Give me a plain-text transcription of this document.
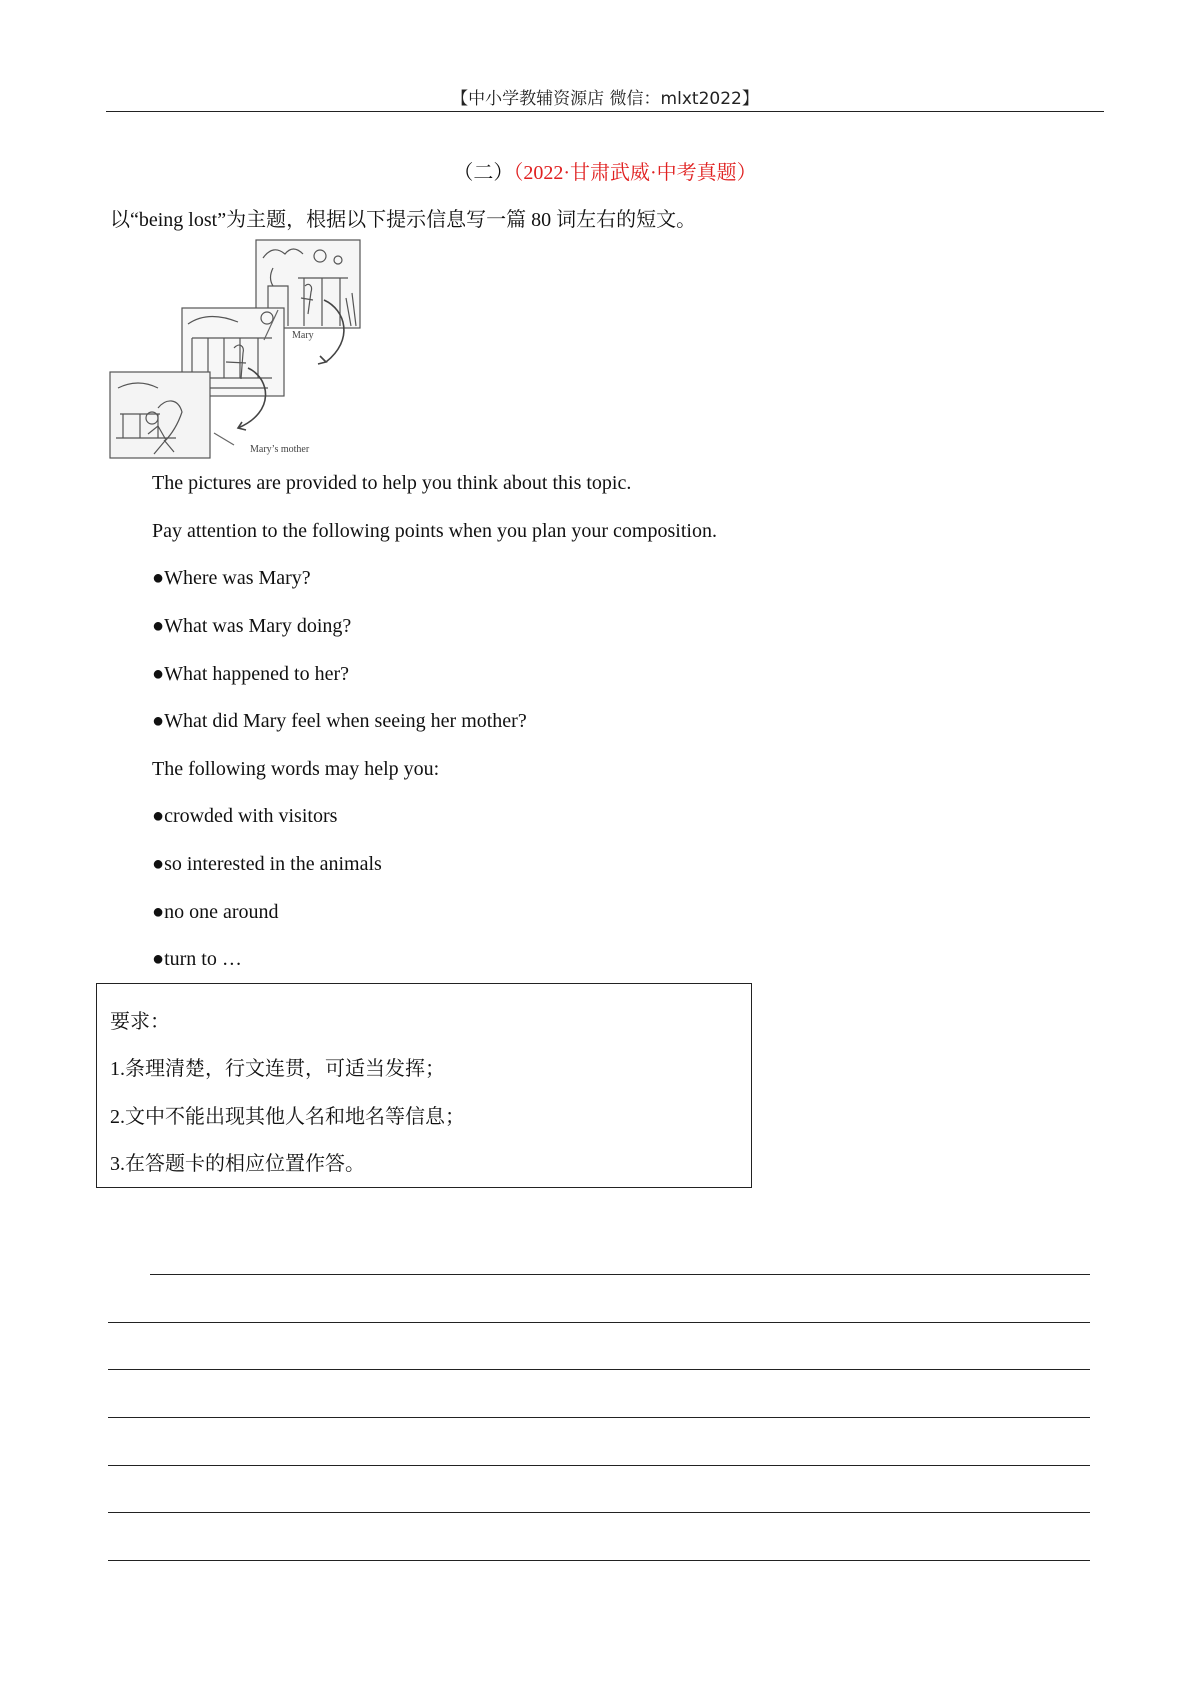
【中小学教辅资源店 微信：mlxt2022】
（二）（2022·甘肃武威·中考真题）
以“being lost”为主题，根据以下提示信息写一篇 80 词左右的短文。
Mary
Mary’s mother
The pictures are provided to help you think about this topic.
Pay attention to the following points when you plan your composition.
●Where was Mary?
●What was Mary doing?
●What happened to her?
●What did Mary feel when seeing her mother?
The following words may help you:
●crowded with visitors
●so interested in the animals
●no one around
●turn to …
要求：
1.条理清楚，行文连贯，可适当发挥；
2.文中不能出现其他人名和地名等信息；
3.在答题卡的相应位置作答。
